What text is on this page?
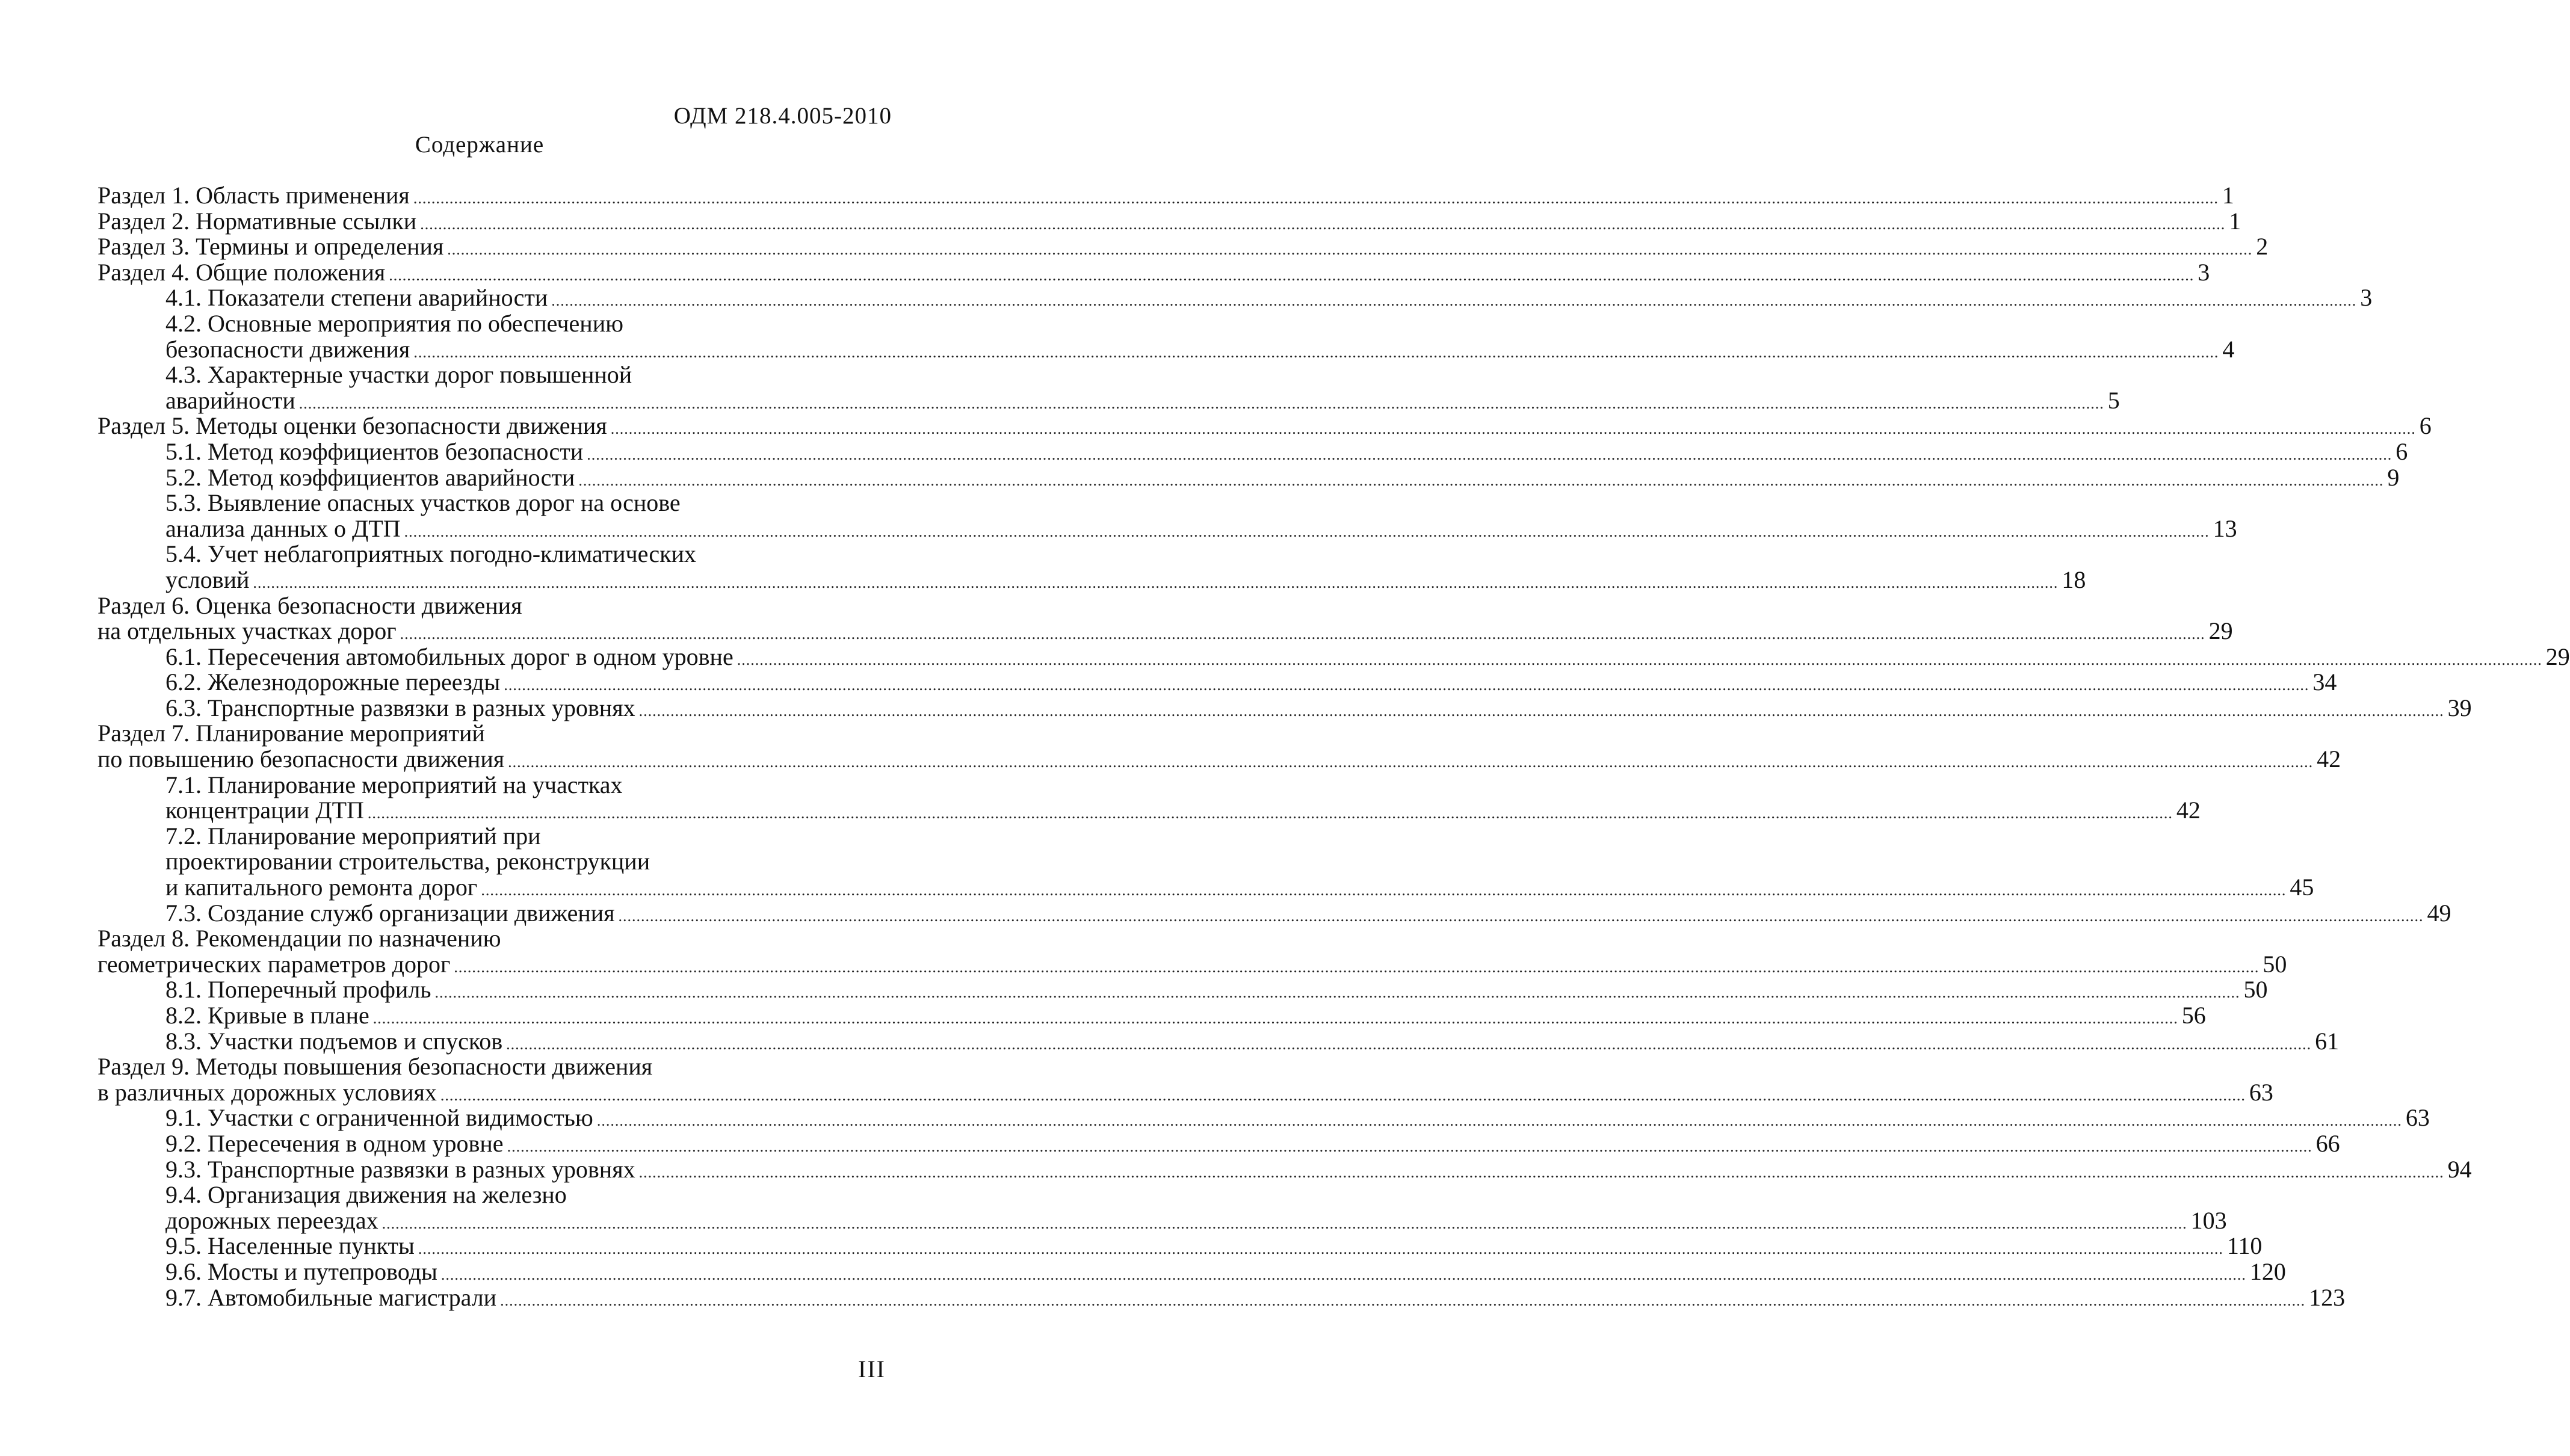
ОДМ 218.4.005-2010
Содержание
Раздел 1. Область применения ................................................................................................................................................................................................................................................................................................................................................................................................................ 1
Раздел 2. Нормативные ссылки ................................................................................................................................................................................................................................................................................................................................................................................................................ 1
Раздел 3. Термины и определения ................................................................................................................................................................................................................................................................................................................................................................................................................ 2
Раздел 4. Общие положения ................................................................................................................................................................................................................................................................................................................................................................................................................ 3
4.1. Показатели степени аварийности ................................................................................................................................................................................................................................................................................................................................................................................................................ 3
4.2. Основные мероприятия по обеспечению
безопасности движения ................................................................................................................................................................................................................................................................................................................................................................................................................ 4
4.3. Характерные участки дорог повышенной
аварийности ................................................................................................................................................................................................................................................................................................................................................................................................................ 5
Раздел 5. Методы оценки безопасности движения ................................................................................................................................................................................................................................................................................................................................................................................................................ 6
5.1. Метод коэффициентов безопасности ................................................................................................................................................................................................................................................................................................................................................................................................................ 6
5.2. Метод коэффициентов аварийности ................................................................................................................................................................................................................................................................................................................................................................................................................ 9
5.3. Выявление опасных участков дорог на основе
анализа данных о ДТП ................................................................................................................................................................................................................................................................................................................................................................................................................ 13
5.4. Учет неблагоприятных погодно-климатических
условий ................................................................................................................................................................................................................................................................................................................................................................................................................ 18
Раздел 6. Оценка безопасности движения
на отдельных участках дорог ................................................................................................................................................................................................................................................................................................................................................................................................................ 29
6.1. Пересечения автомобильных дорог в одном уровне ................................................................................................................................................................................................................................................................................................................................................................................................................ 29
6.2. Железнодорожные переезды ................................................................................................................................................................................................................................................................................................................................................................................................................ 34
6.3. Транспортные развязки в разных уровнях ................................................................................................................................................................................................................................................................................................................................................................................................................ 39
Раздел 7. Планирование мероприятий
по повышению безопасности движения ................................................................................................................................................................................................................................................................................................................................................................................................................ 42
7.1. Планирование мероприятий на участках
концентрации ДТП ................................................................................................................................................................................................................................................................................................................................................................................................................ 42
7.2. Планирование мероприятий при
проектировании строительства, реконструкции
и капитального ремонта дорог ................................................................................................................................................................................................................................................................................................................................................................................................................ 45
7.3. Создание служб организации движения ................................................................................................................................................................................................................................................................................................................................................................................................................ 49
Раздел 8. Рекомендации по назначению
геометрических параметров дорог ................................................................................................................................................................................................................................................................................................................................................................................................................ 50
8.1. Поперечный профиль ................................................................................................................................................................................................................................................................................................................................................................................................................ 50
8.2. Кривые в плане ................................................................................................................................................................................................................................................................................................................................................................................................................ 56
8.3. Участки подъемов и спусков ................................................................................................................................................................................................................................................................................................................................................................................................................ 61
Раздел 9. Методы повышения безопасности движения
в различных дорожных условиях ................................................................................................................................................................................................................................................................................................................................................................................................................ 63
9.1. Участки с ограниченной видимостью ................................................................................................................................................................................................................................................................................................................................................................................................................ 63
9.2. Пересечения в одном уровне ................................................................................................................................................................................................................................................................................................................................................................................................................ 66
9.3. Транспортные развязки в разных уровнях ................................................................................................................................................................................................................................................................................................................................................................................................................ 94
9.4. Организация движения на железно
дорожных переездах ................................................................................................................................................................................................................................................................................................................................................................................................................ 103
9.5. Населенные пункты ................................................................................................................................................................................................................................................................................................................................................................................................................ 110
9.6. Мосты и путепроводы ................................................................................................................................................................................................................................................................................................................................................................................................................ 120
9.7. Автомобильные магистрали ................................................................................................................................................................................................................................................................................................................................................................................................................ 123
III
